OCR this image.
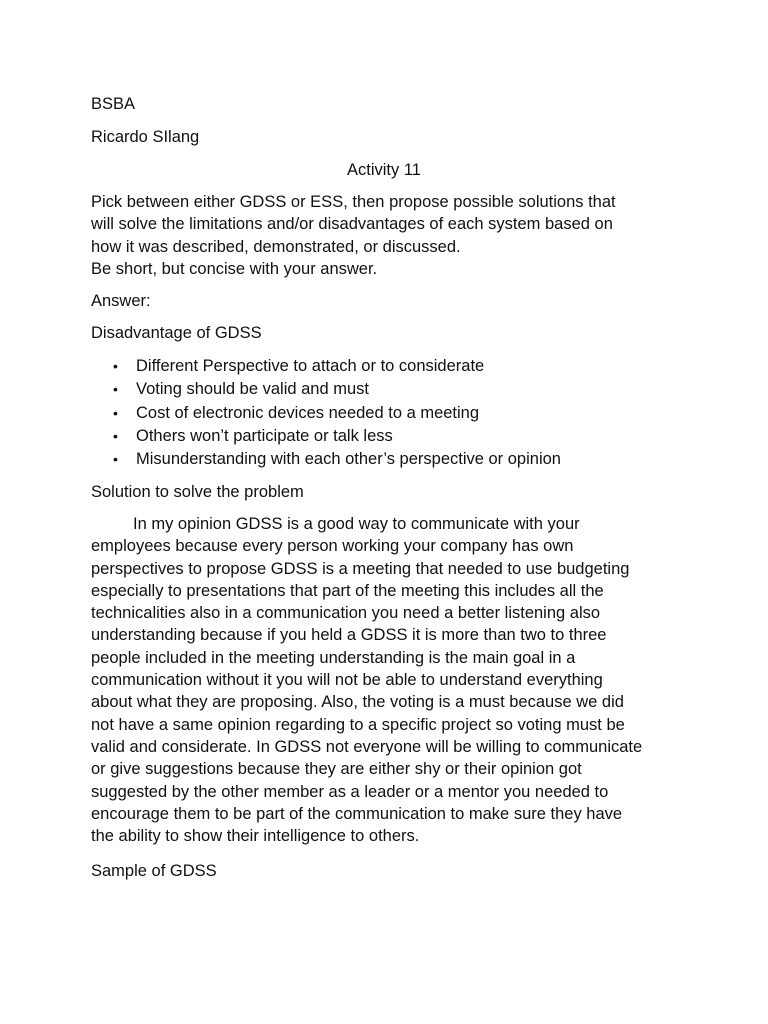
BSBA
Ricardo SIlang
Activity 11
Pick between either GDSS or ESS, then propose possible solutions that
will solve the limitations and/or disadvantages of each system based on
how it was described, demonstrated, or discussed.
Be short, but concise with your answer.
Answer:
Disadvantage of GDSS
• Different Perspective to attach or to considerate
• Voting should be valid and must
• Cost of electronic devices needed to a meeting
• Others won’t participate or talk less
• Misunderstanding with each other’s perspective or opinion
Solution to solve the problem
In my opinion GDSS is a good way to communicate with your
employees because every person working your company has own
perspectives to propose GDSS is a meeting that needed to use budgeting
especially to presentations that part of the meeting this includes all the
technicalities also in a communication you need a better listening also
understanding because if you held a GDSS it is more than two to three
people included in the meeting understanding is the main goal in a
communication without it you will not be able to understand everything
about what they are proposing. Also, the voting is a must because we did
not have a same opinion regarding to a specific project so voting must be
valid and considerate. In GDSS not everyone will be willing to communicate
or give suggestions because they are either shy or their opinion got
suggested by the other member as a leader or a mentor you needed to
encourage them to be part of the communication to make sure they have
the ability to show their intelligence to others.
Sample of GDSS
